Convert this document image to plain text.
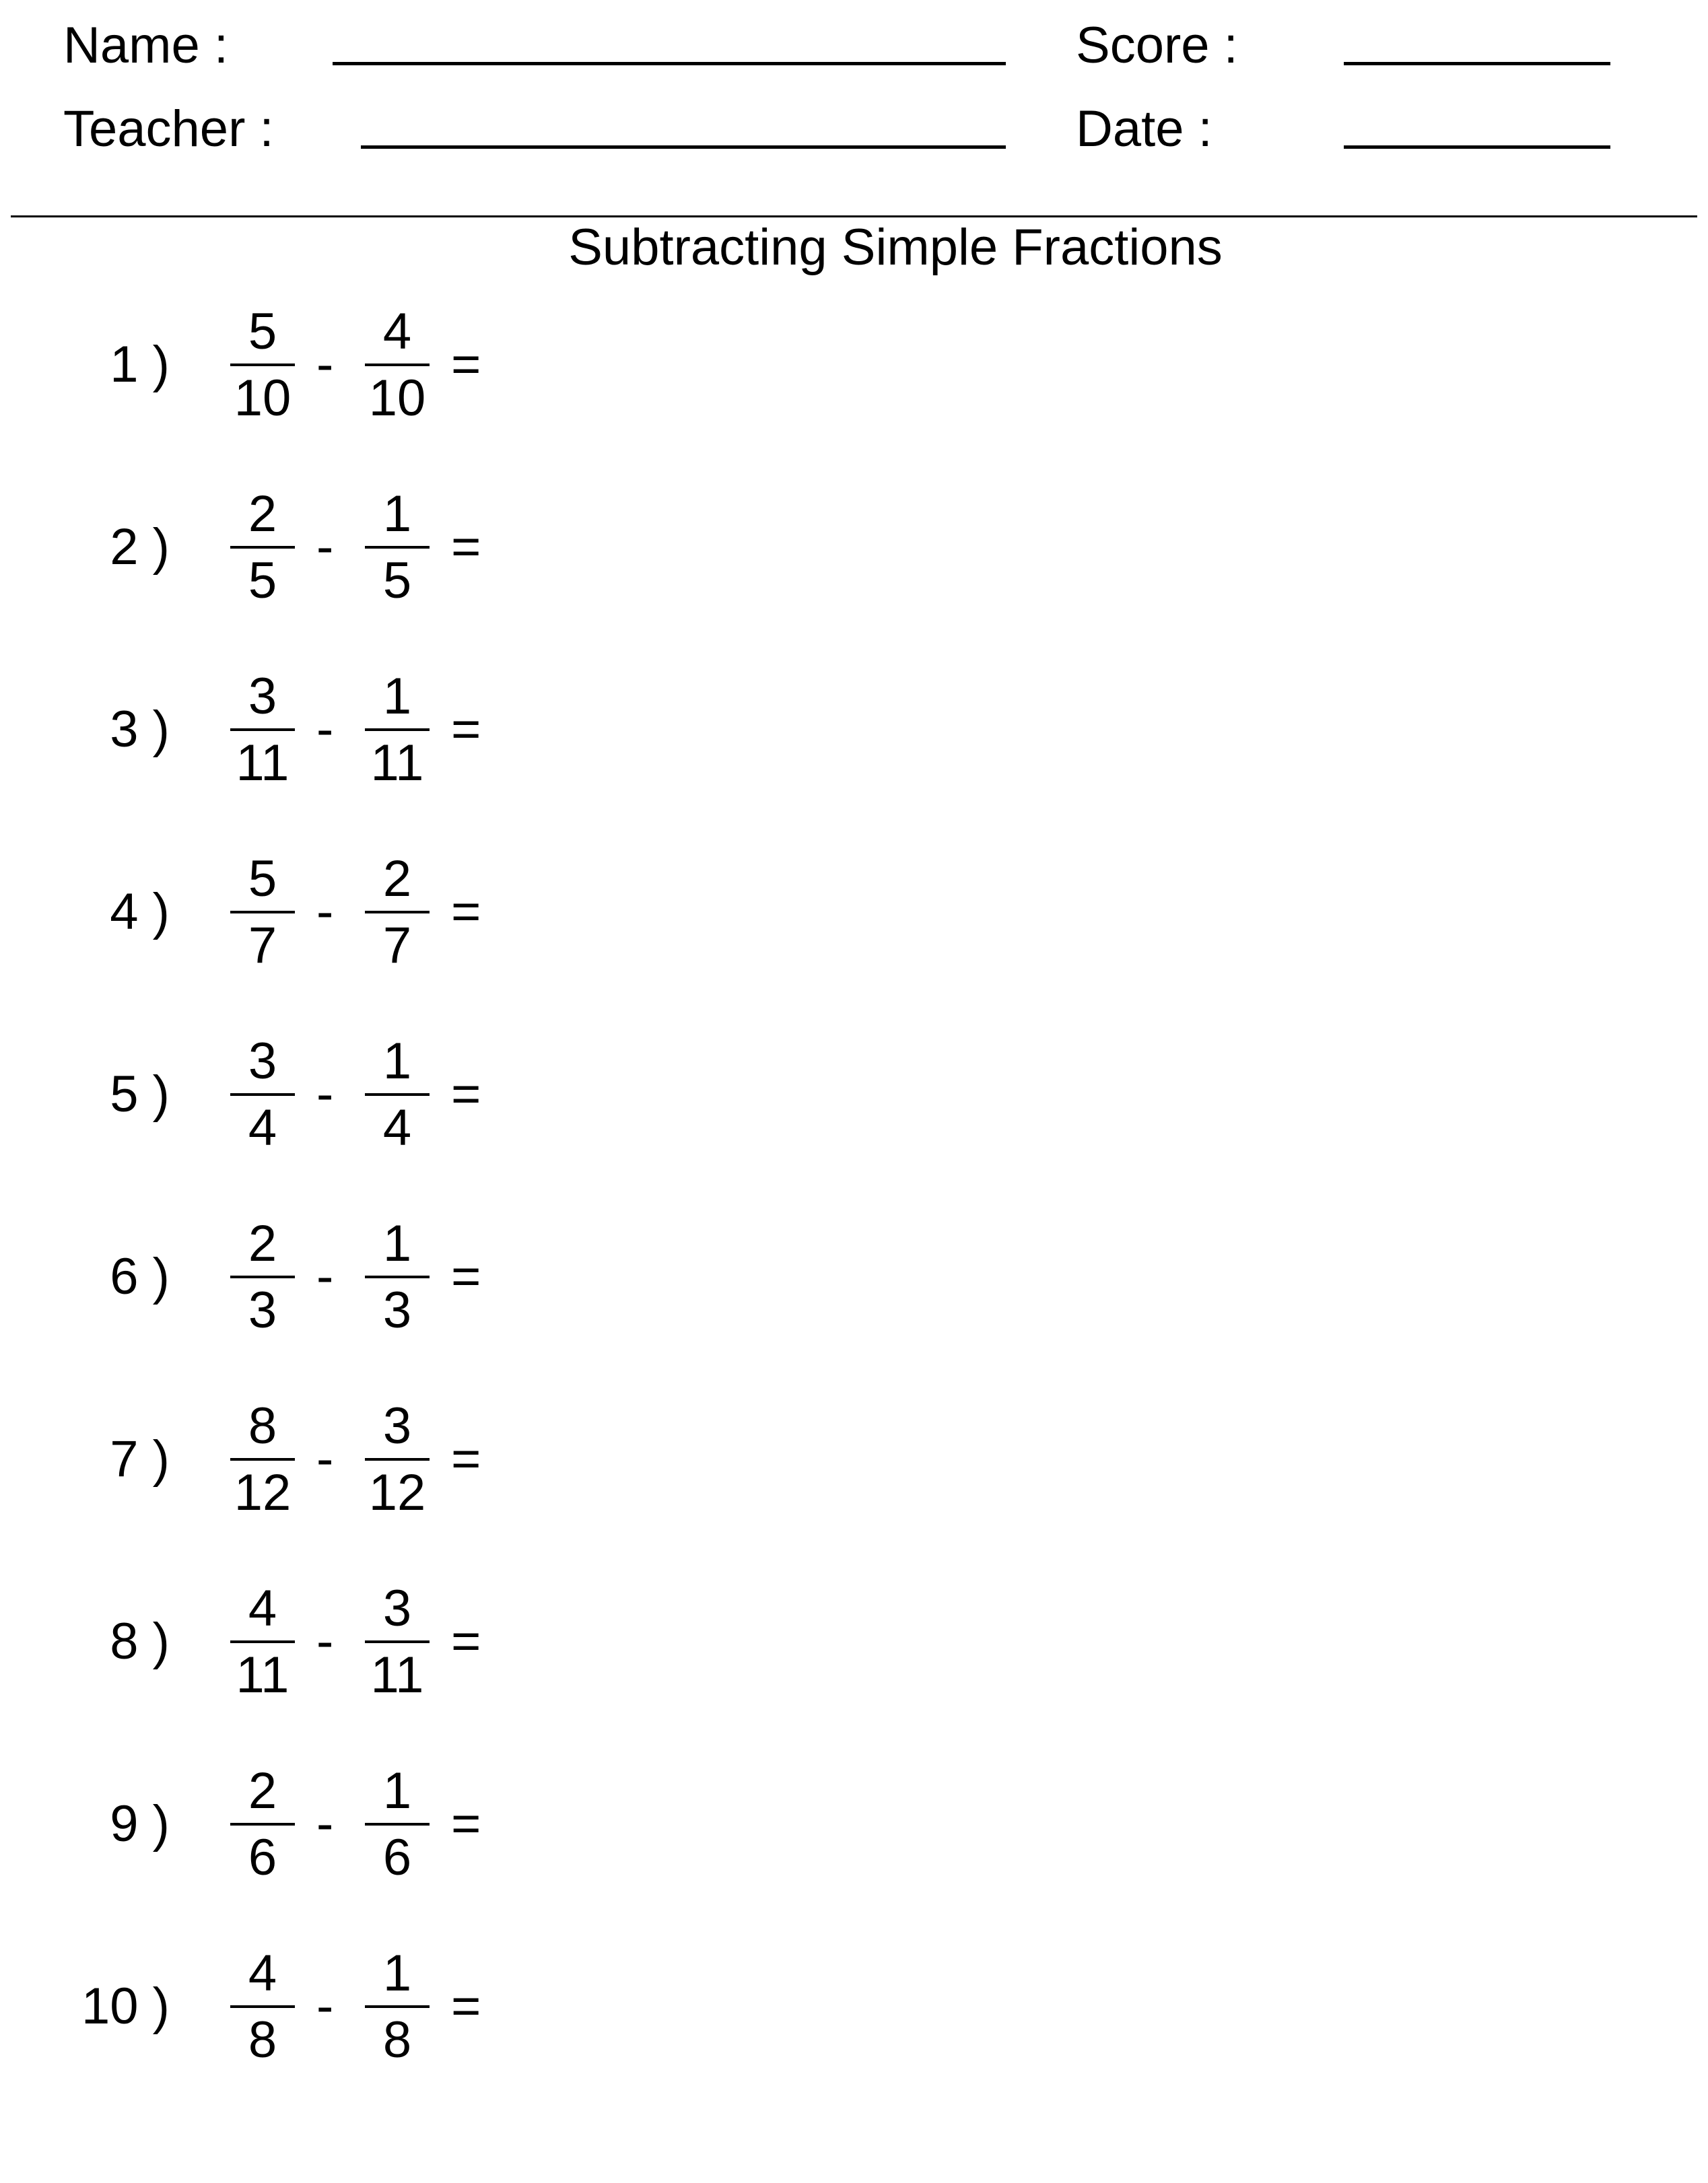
Name :	Score :
Teacher :	Date :
Subtracting Simple Fractions
1 )
5
10
-
4
10
=
2 )
2
5
-
1
5
=
3 )
3
11
-
1
11
=
4 )
5
7
-
2
7
=
5 )
3
4
-
1
4
=
6 )
2
3
-
1
3
=
7 )
8
12
-
3
12
=
8 )
4
11
-
3
11
=
9 )
2
6
-
1
6
=
10 )
4
8
-
1
8
=
